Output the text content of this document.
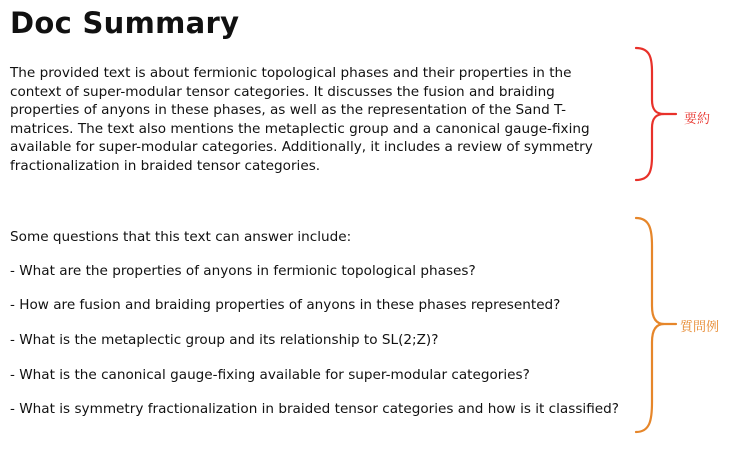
Doc Summary
The provided text is about fermionic topological phases and their properties in the
context of super-modular tensor categories. It discusses the fusion and braiding
properties of anyons in these phases, as well as the representation of the Sand T-
matrices. The text also mentions the metaplectic group and a canonical gauge-fixing
available for super-modular categories. Additionally, it includes a review of symmetry
fractionalization in braided tensor categories.
要約
Some questions that this text can answer include:
- What are the properties of anyons in fermionic topological phases?
- How are fusion and braiding properties of anyons in these phases represented?
- What is the metaplectic group and its relationship to SL(2;Z)?
- What is the canonical gauge-fixing available for super-modular categories?
- What is symmetry fractionalization in braided tensor categories and how is it classified?
質問例
